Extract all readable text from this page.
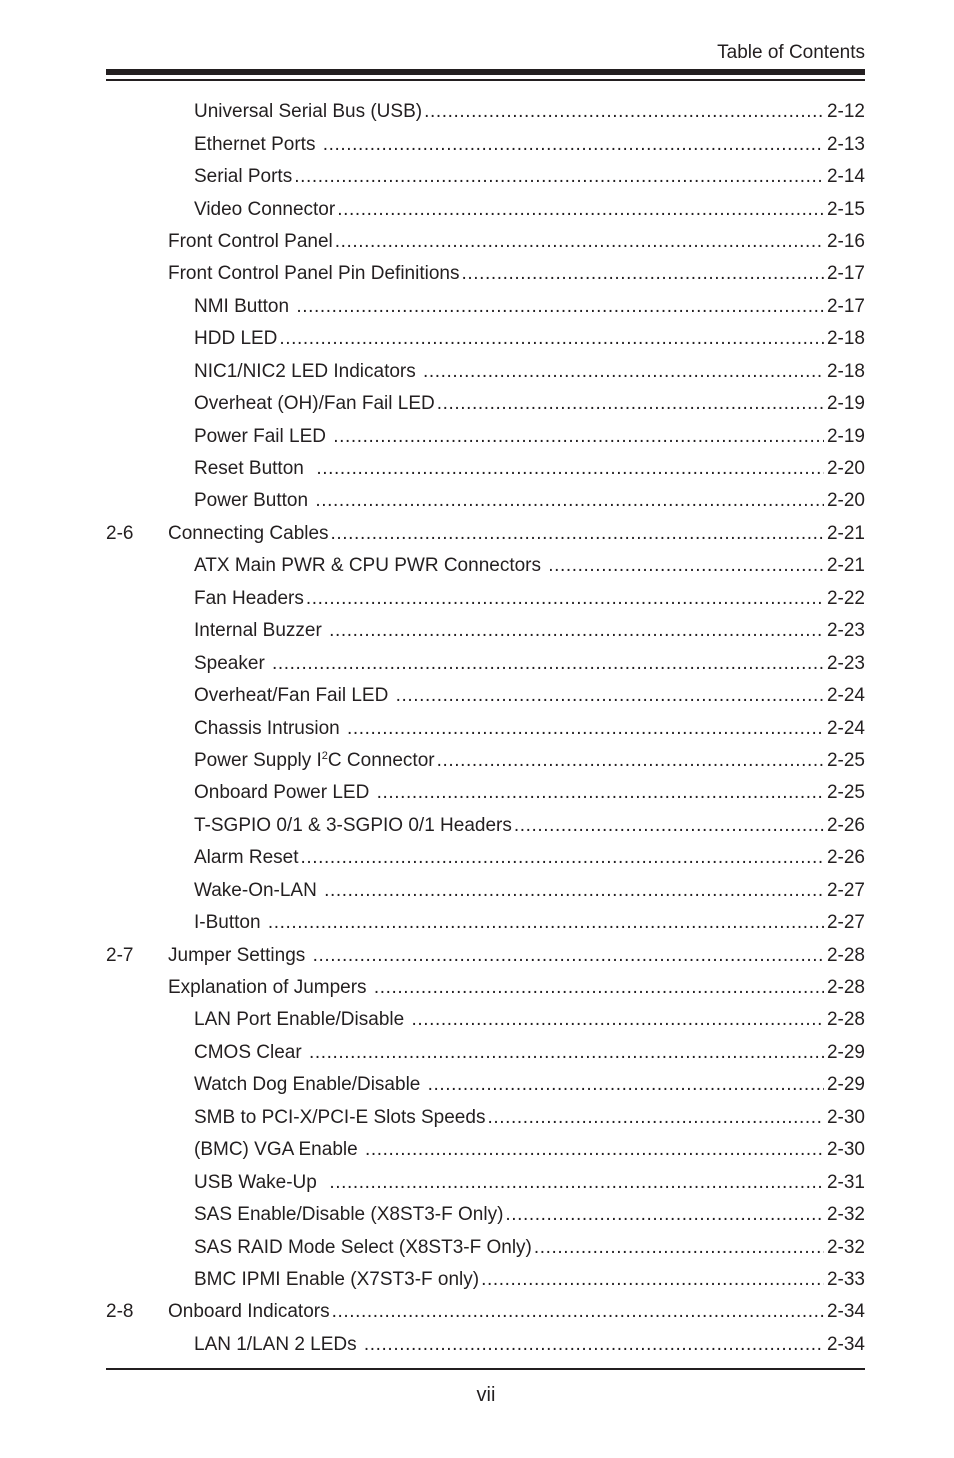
Table of Contents
Universal Serial Bus (USB) .....	2-12
Ethernet Ports .....	2-13
Serial Ports .....	2-14
Video Connector .....	2-15
Front Control Panel .....	2-16
Front Control Panel Pin Definitions .....	2-17
NMI Button .....	2-17
HDD LED .....	2-18
NIC1/NIC2 LED Indicators .....	2-18
Overheat (OH)/Fan Fail LED .....	2-19
Power Fail LED .....	2-19
Reset Button .....	2-20
Power Button .....	2-20
2-6 Connecting Cables .....	2-21
ATX Main PWR & CPU PWR Connectors .....	2-21
Fan Headers .....	2-22
Internal Buzzer .....	2-23
Speaker .....	2-23
Overheat/Fan Fail LED .....	2-24
Chassis Intrusion .....	2-24
Power Supply $I^2C$ Connector .....	2-25
Onboard Power LED .....	2-25
T-SGPIO 0/1 & 3-SGPIO 0/1 Headers .....	2-26
Alarm Reset .....	2-26
Wake-On-LAN .....	2-27
I-Button .....	2-27
2-7 Jumper Settings .....	2-28
Explanation of Jumpers .....	2-28
LAN Port Enable/Disable .....	2-28
CMOS Clear .....	2-29
Watch Dog Enable/Disable .....	2-29
SMB to PCI-X/PCI-E Slots Speeds .....	2-30
(BMC) VGA Enable .....	2-30
USB Wake-Up .....	2-31
SAS Enable/Disable (X8ST3-F Only) .....	2-32
SAS RAID Mode Select (X8ST3-F Only) .....	2-32
BMC IPMI Enable (X7ST3-F only) .....	2-33
2-8 Onboard Indicators .....	2-34
LAN 1/LAN 2 LEDs .....	2-34
vii
